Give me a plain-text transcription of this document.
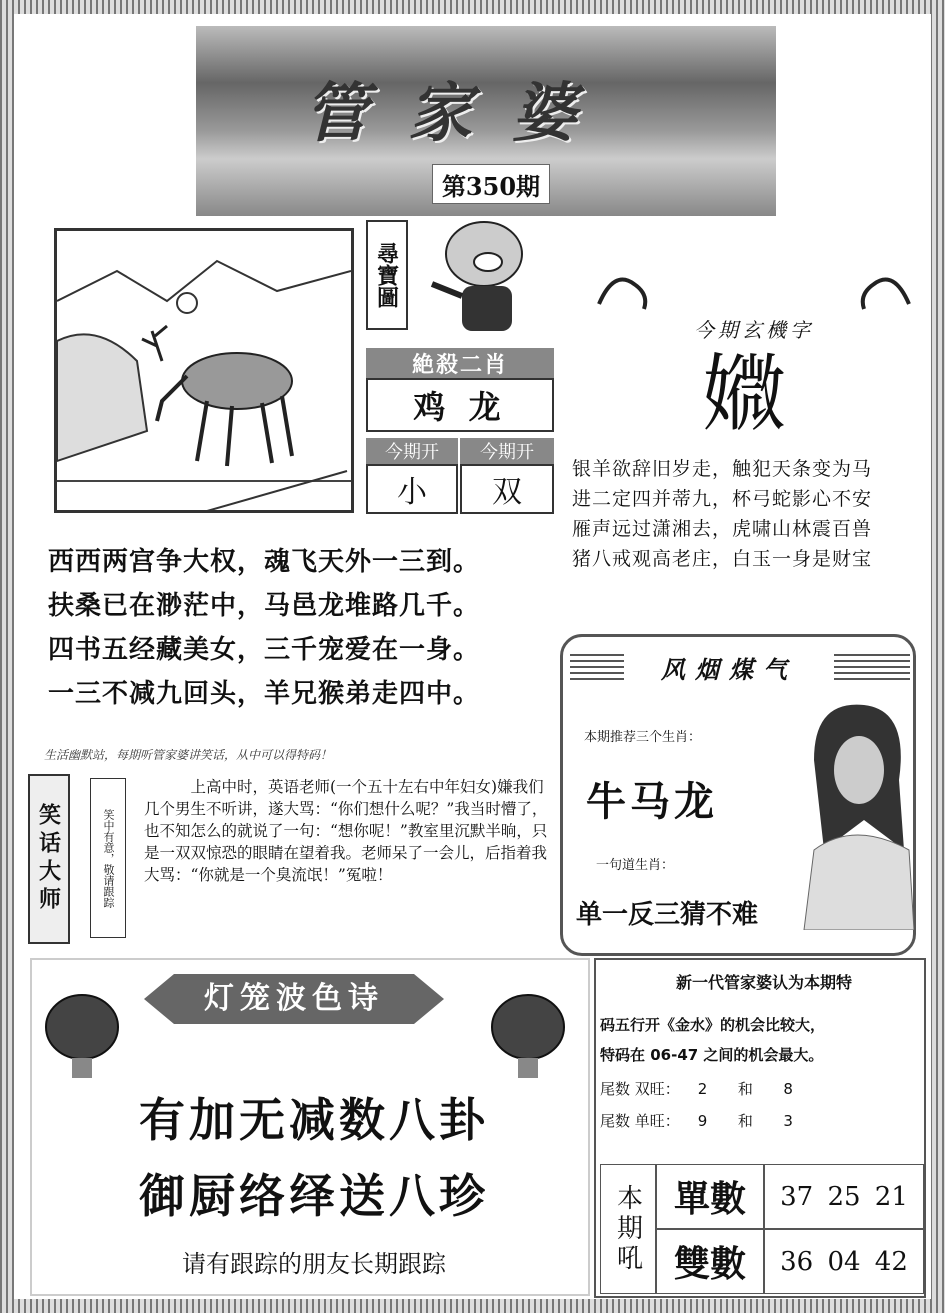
管家婆
第350期
尋寶圖
絶殺二肖
鸡 龙
今期开	今期开
小	双
今期玄機字
㜫
银羊欲辞旧岁走，触犯天条变为马
进二定四并蒂九，杯弓蛇影心不安
雁声远过潇湘去，虎啸山林震百兽
猪八戒观高老庄，白玉一身是财宝
西西两宫争大权，魂飞天外一三到。
扶桑已在渺茫中，马邑龙堆路几千。
四书五经藏美女，三千宠爱在一身。
一三不减九回头，羊兄猴弟走四中。
生活幽默站，每期听管家婆讲笑话，从中可以得特码！
笑话大师	笑中有意，敬请跟踪
上高中时，英语老师(一个五十左右中年妇女)嫌我们几个男生不听讲，遂大骂：“你们想什么呢？”我当时懵了，也不知怎么的就说了一句：“想你呢！”教室里沉默半晌，只是一双双惊恐的眼睛在望着我。老师呆了一会儿，后指着我大骂：“你就是一个臭流氓！”冤啦！
风烟煤气
本期推荐三个生肖：
牛马龙
一句道生肖：
单一反三猜不难
灯笼波色诗
有加无减数八卦
御厨络绎送八珍
请有跟踪的朋友长期跟踪
新一代管家婆认为本期特
码五行开《金水》的机会比较大，
特码在 06-47 之间的机会最大。
尾数 双旺： 2 和 8
尾数 单旺： 9 和 3
本期吼 單數	37 25 21
雙數	36 04 42
